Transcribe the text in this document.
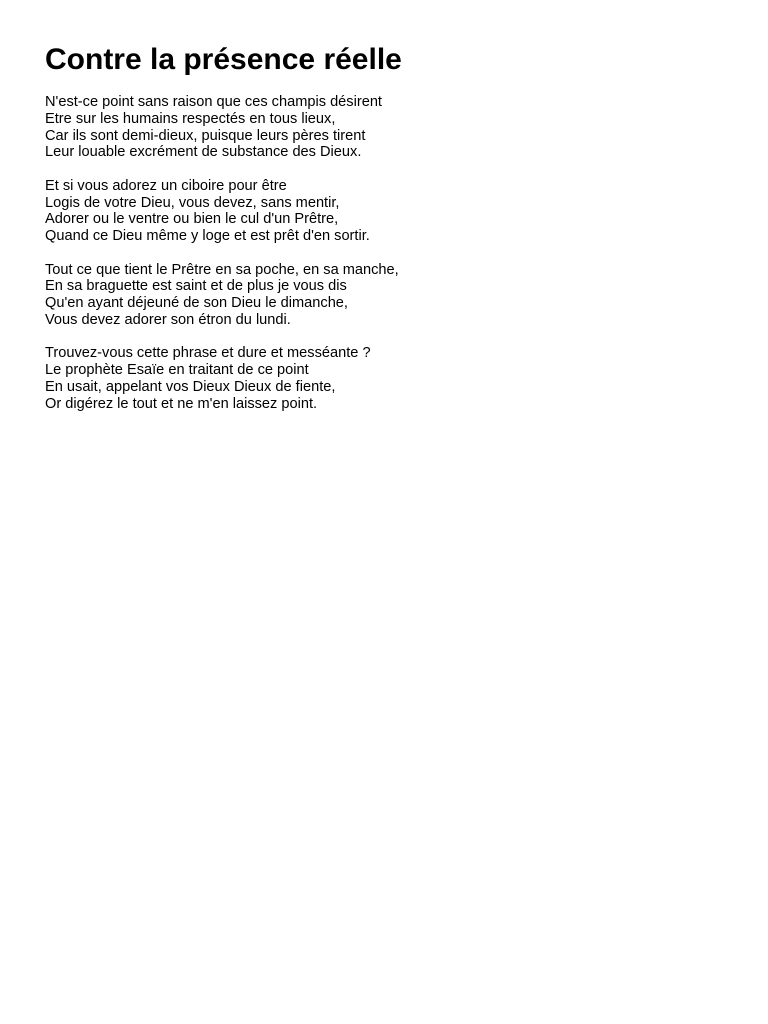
Contre la présence réelle
N'est-ce point sans raison que ces champis désirent
Etre sur les humains respectés en tous lieux,
Car ils sont demi-dieux, puisque leurs pères tirent
Leur louable excrément de substance des Dieux.
Et si vous adorez un ciboire pour être
Logis de votre Dieu, vous devez, sans mentir,
Adorer ou le ventre ou bien le cul d'un Prêtre,
Quand ce Dieu même y loge et est prêt d'en sortir.
Tout ce que tient le Prêtre en sa poche, en sa manche,
En sa braguette est saint et de plus je vous dis
Qu'en ayant déjeuné de son Dieu le dimanche,
Vous devez adorer son étron du lundi.
Trouvez-vous cette phrase et dure et messéante ?
Le prophète Esaïe en traitant de ce point
En usait, appelant vos Dieux Dieux de fiente,
Or digérez le tout et ne m'en laissez point.
